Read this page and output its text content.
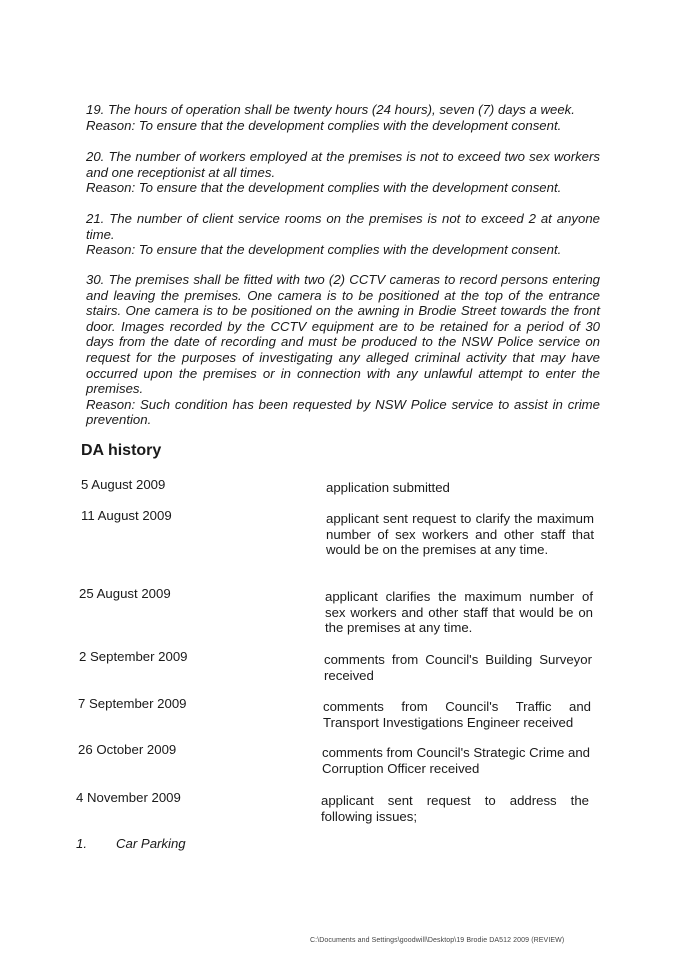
19. The hours of operation shall be twenty hours (24 hours), seven (7) days a week.

Reason: To ensure that the development complies with the development consent.

20. The number of workers employed at the premises is not to exceed two sex workers and one receptionist at all times.

Reason: To ensure that the development complies with the development consent.

21. The number of client service rooms on the premises is not to exceed 2 at anyone time.

Reason: To ensure that the development complies with the development consent.

30. The premises shall be fitted with two (2) CCTV cameras to record persons entering and leaving the premises. One camera is to be positioned at the top of the entrance stairs. One camera is to be positioned on the awning in Brodie Street towards the front door. Images recorded by the CCTV equipment are to be retained for a period of 30 days from the date of recording and must be produced to the NSW Police service on request for the purposes of investigating any alleged criminal activity that may have occurred upon the premises or in connection with any unlawful attempt to enter the premises.

Reason: Such condition has been requested by NSW Police service to assist in crime prevention.

DA history
5 August 2009	application submitted
11 August 2009	applicant sent request to clarify the maximum number of sex workers and other staff that would be on the premises at any time.
25 August 2009	applicant clarifies the maximum number of sex workers and other staff that would be on the premises at any time.
2 September 2009	comments from Council's Building Surveyor received
7 September 2009	comments from Council's Traffic and Transport Investigations Engineer received
26 October 2009	comments from Council's Strategic Crime and Corruption Officer received
4 November 2009	applicant sent request to address the following issues;
1. Car Parking
C:\Documents and Settings\goodwill\Desktop\19 Brodie DA512 2009 (REVIEW)
